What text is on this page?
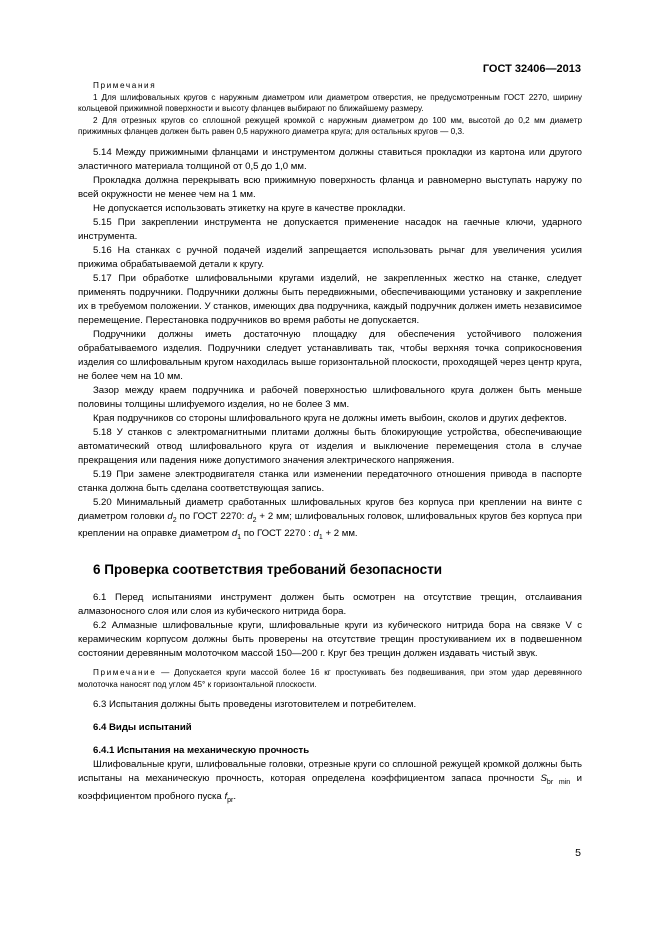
ГОСТ 32406—2013

Примечания

1 Для шлифовальных кругов с наружным диаметром или диаметром отверстия, не предусмотренным ГОСТ 2270, ширину кольцевой прижимной поверхности и высоту фланцев выбирают по ближайшему размеру.

2 Для отрезных кругов со сплошной режущей кромкой с наружным диаметром до 100 мм, высотой до 0,2 мм диаметр прижимных фланцев должен быть равен 0,5 наружного диаметра круга; для остальных кругов — 0,3.

5.14 Между прижимными фланцами и инструментом должны ставиться прокладки из картона или другого эластичного материала толщиной от 0,5 до 1,0 мм.

Прокладка должна перекрывать всю прижимную поверхность фланца и равномерно выступать наружу по всей окружности не менее чем на 1 мм.

Не допускается использовать этикетку на круге в качестве прокладки.

5.15 При закреплении инструмента не допускается применение насадок на гаечные ключи, ударного инструмента.

5.16 На станках с ручной подачей изделий запрещается использовать рычаг для увеличения усилия прижима обрабатываемой детали к кругу.

5.17 При обработке шлифовальными кругами изделий, не закрепленных жестко на станке, следует применять подручники. Подручники должны быть передвижными, обеспечивающими установку и закрепление их в требуемом положении. У станков, имеющих два подручника, каждый подручник должен иметь независимое перемещение. Перестановка подручников во время работы не допускается.

Подручники должны иметь достаточную площадку для обеспечения устойчивого положения обрабатываемого изделия. Подручники следует устанавливать так, чтобы верхняя точка соприкосновения изделия со шлифовальным кругом находилась выше горизонтальной плоскости, проходящей через центр круга, не более чем на 10 мм.

Зазор между краем подручника и рабочей поверхностью шлифовального круга должен быть меньше половины толщины шлифуемого изделия, но не более 3 мм.

Края подручников со стороны шлифовального круга не должны иметь выбоин, сколов и других дефектов.

5.18 У станков с электромагнитными плитами должны быть блокирующие устройства, обеспечивающие автоматический отвод шлифовального круга от изделия и выключение перемещения стола в случае прекращения или падения ниже допустимого значения электрического напряжения.

5.19 При замене электродвигателя станка или изменении передаточного отношения привода в паспорте станка должна быть сделана соответствующая запись.

5.20 Минимальный диаметр сработанных шлифовальных кругов без корпуса при креплении на винте с диаметром головки $d_2$ по ГОСТ 2270: $d_2 + 2$ мм; шлифовальных головок, шлифовальных кругов без корпуса при креплении на оправке диаметром $d_1$ по ГОСТ 2270 : $d_1 + 2$ мм.

6 Проверка соответствия требований безопасности

6.1 Перед испытаниями инструмент должен быть осмотрен на отсутствие трещин, отслаивания алмазоносного слоя или слоя из кубического нитрида бора.

6.2 Алмазные шлифовальные круги, шлифовальные круги из кубического нитрида бора на связке V с керамическим корпусом должны быть проверены на отсутствие трещин простукиванием их в подвешенном состоянии деревянным молоточком массой 150—200 г. Круг без трещин должен издавать чистый звук.

Примечание — Допускается круги массой более 16 кг простукивать без подвешивания, при этом удар деревянного молоточка наносят под углом 45° к горизонтальной плоскости.

6.3 Испытания должны быть проведены изготовителем и потребителем.

6.4 Виды испытаний

6.4.1 Испытания на механическую прочность

Шлифовальные круги, шлифовальные головки, отрезные круги со сплошной режущей кромкой должны быть испытаны на механическую прочность, которая определена коэффициентом запаса прочности $S_{br min}$ и коэффициентом пробного пуска $f_{pr}$.

5
